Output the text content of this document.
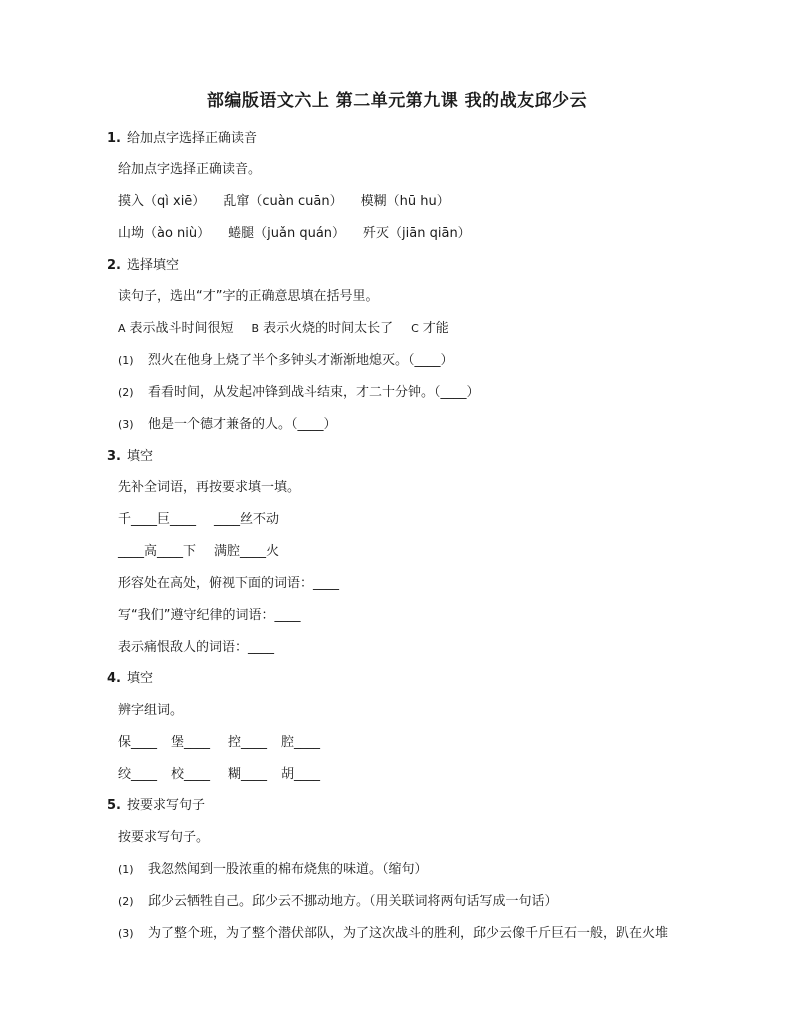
部编版语文六上 第二单元第九课 我的战友邱少云
1. 给加点字选择正确读音
给加点字选择正确读音。
摸入（qì xiē） 乱窜（cuàn cuān） 模糊（hū hu）
山坳（ào niù） 蜷腿（juǎn quán） 歼灭（jiān qiān）
2. 选择填空
读句子，选出“才”字的正确意思填在括号里。
A 表示战斗时间很短 B 表示火烧的时间太长了 C 才能
(1) 烈火在他身上烧了半个多钟头才渐渐地熄灭。（____）
(2) 看看时间，从发起冲锋到战斗结束，才二十分钟。（____）
(3) 他是一个德才兼备的人。（____）
3. 填空
先补全词语，再按要求填一填。
千____巨____ ____丝不动
____高____下 满腔____火
形容处在高处，俯视下面的词语：____
写“我们”遵守纪律的词语：____
表示痛恨敌人的词语：____
4. 填空
辨字组词。
保____ 堡____ 控____ 腔____
绞____ 校____ 糊____ 胡____
5. 按要求写句子
按要求写句子。
(1) 我忽然闻到一股浓重的棉布烧焦的味道。（缩句）
(2) 邱少云牺牲自己。邱少云不挪动地方。（用关联词将两句话写成一句话）
(3) 为了整个班，为了整个潜伏部队，为了这次战斗的胜利，邱少云像千斤巨石一般，趴在火堆
